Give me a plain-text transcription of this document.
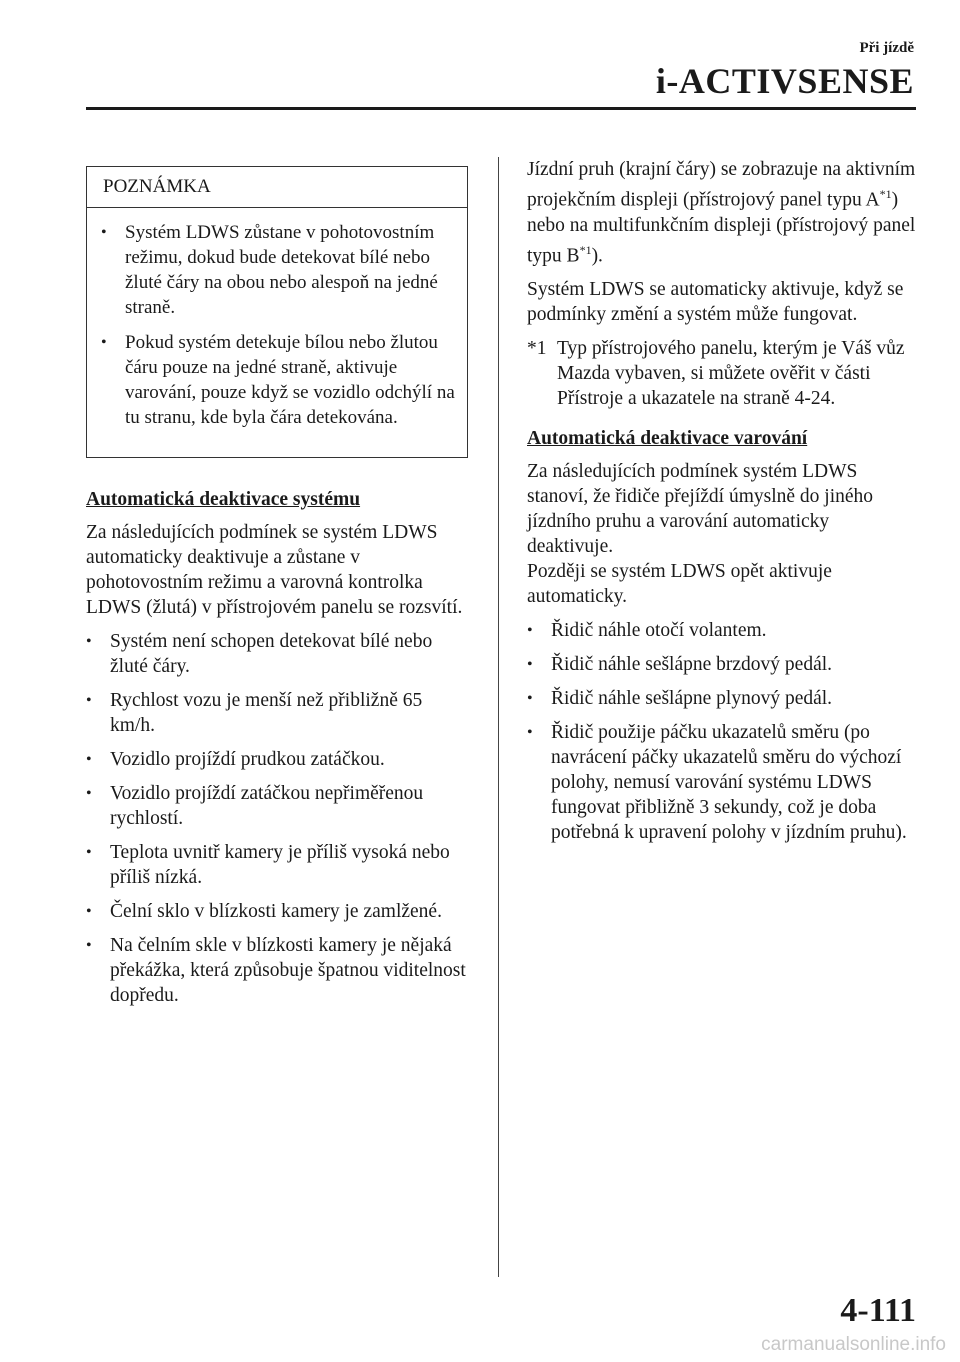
Při jízdě
i-ACTIVSENSE
POZNÁMKA
• Systém LDWS zůstane v pohotovostním režimu, dokud bude detekovat bílé nebo žluté čáry na obou nebo alespoň na jedné straně.
• Pokud systém detekuje bílou nebo žlutou čáru pouze na jedné straně, aktivuje varování, pouze když se vozidlo odchýlí na tu stranu, kde byla čára detekována.
Automatická deaktivace systému

Za následujících podmínek se systém LDWS automaticky deaktivuje a zůstane v pohotovostním režimu a varovná kontrolka LDWS (žlutá) v přístrojovém panelu se rozsvítí.

• Systém není schopen detekovat bílé nebo žluté čáry.
• Rychlost vozu je menší než přibližně 65 km/h.
• Vozidlo projíždí prudkou zatáčkou.
• Vozidlo projíždí zatáčkou nepřiměřenou rychlostí.
• Teplota uvnitř kamery je příliš vysoká nebo příliš nízká.
• Čelní sklo v blízkosti kamery je zamlžené.
• Na čelním skle v blízkosti kamery je nějaká překážka, která způsobuje špatnou viditelnost dopředu.

Jízdní pruh (krajní čáry) se zobrazuje na aktivním projekčním displeji (přístrojový panel typu $A^{*1}$) nebo na multifunkčním displeji (přístrojový panel typu $B^{*1}$).

Systém LDWS se automaticky aktivuje, když se podmínky změní a systém může fungovat.

*1 Typ přístrojového panelu, kterým je Váš vůz Mazda vybaven, si můžete ověřit v části Přístroje a ukazatele na straně 4-24.
Automatická deaktivace varování

Za následujících podmínek systém LDWS stanoví, že řidiče přejíždí úmyslně do jiného jízdního pruhu a varování automaticky deaktivuje.

Později se systém LDWS opět aktivuje automaticky.

• Řidič náhle otočí volantem.
• Řidič náhle sešlápne brzdový pedál.
• Řidič náhle sešlápne plynový pedál.
• Řidič použije páčku ukazatelů směru (po navrácení páčky ukazatelů směru do výchozí polohy, nemusí varování systému LDWS fungovat přibližně 3 sekundy, což je doba potřebná k upravení polohy v jízdním pruhu).
4-111
carmanualsonline.info
